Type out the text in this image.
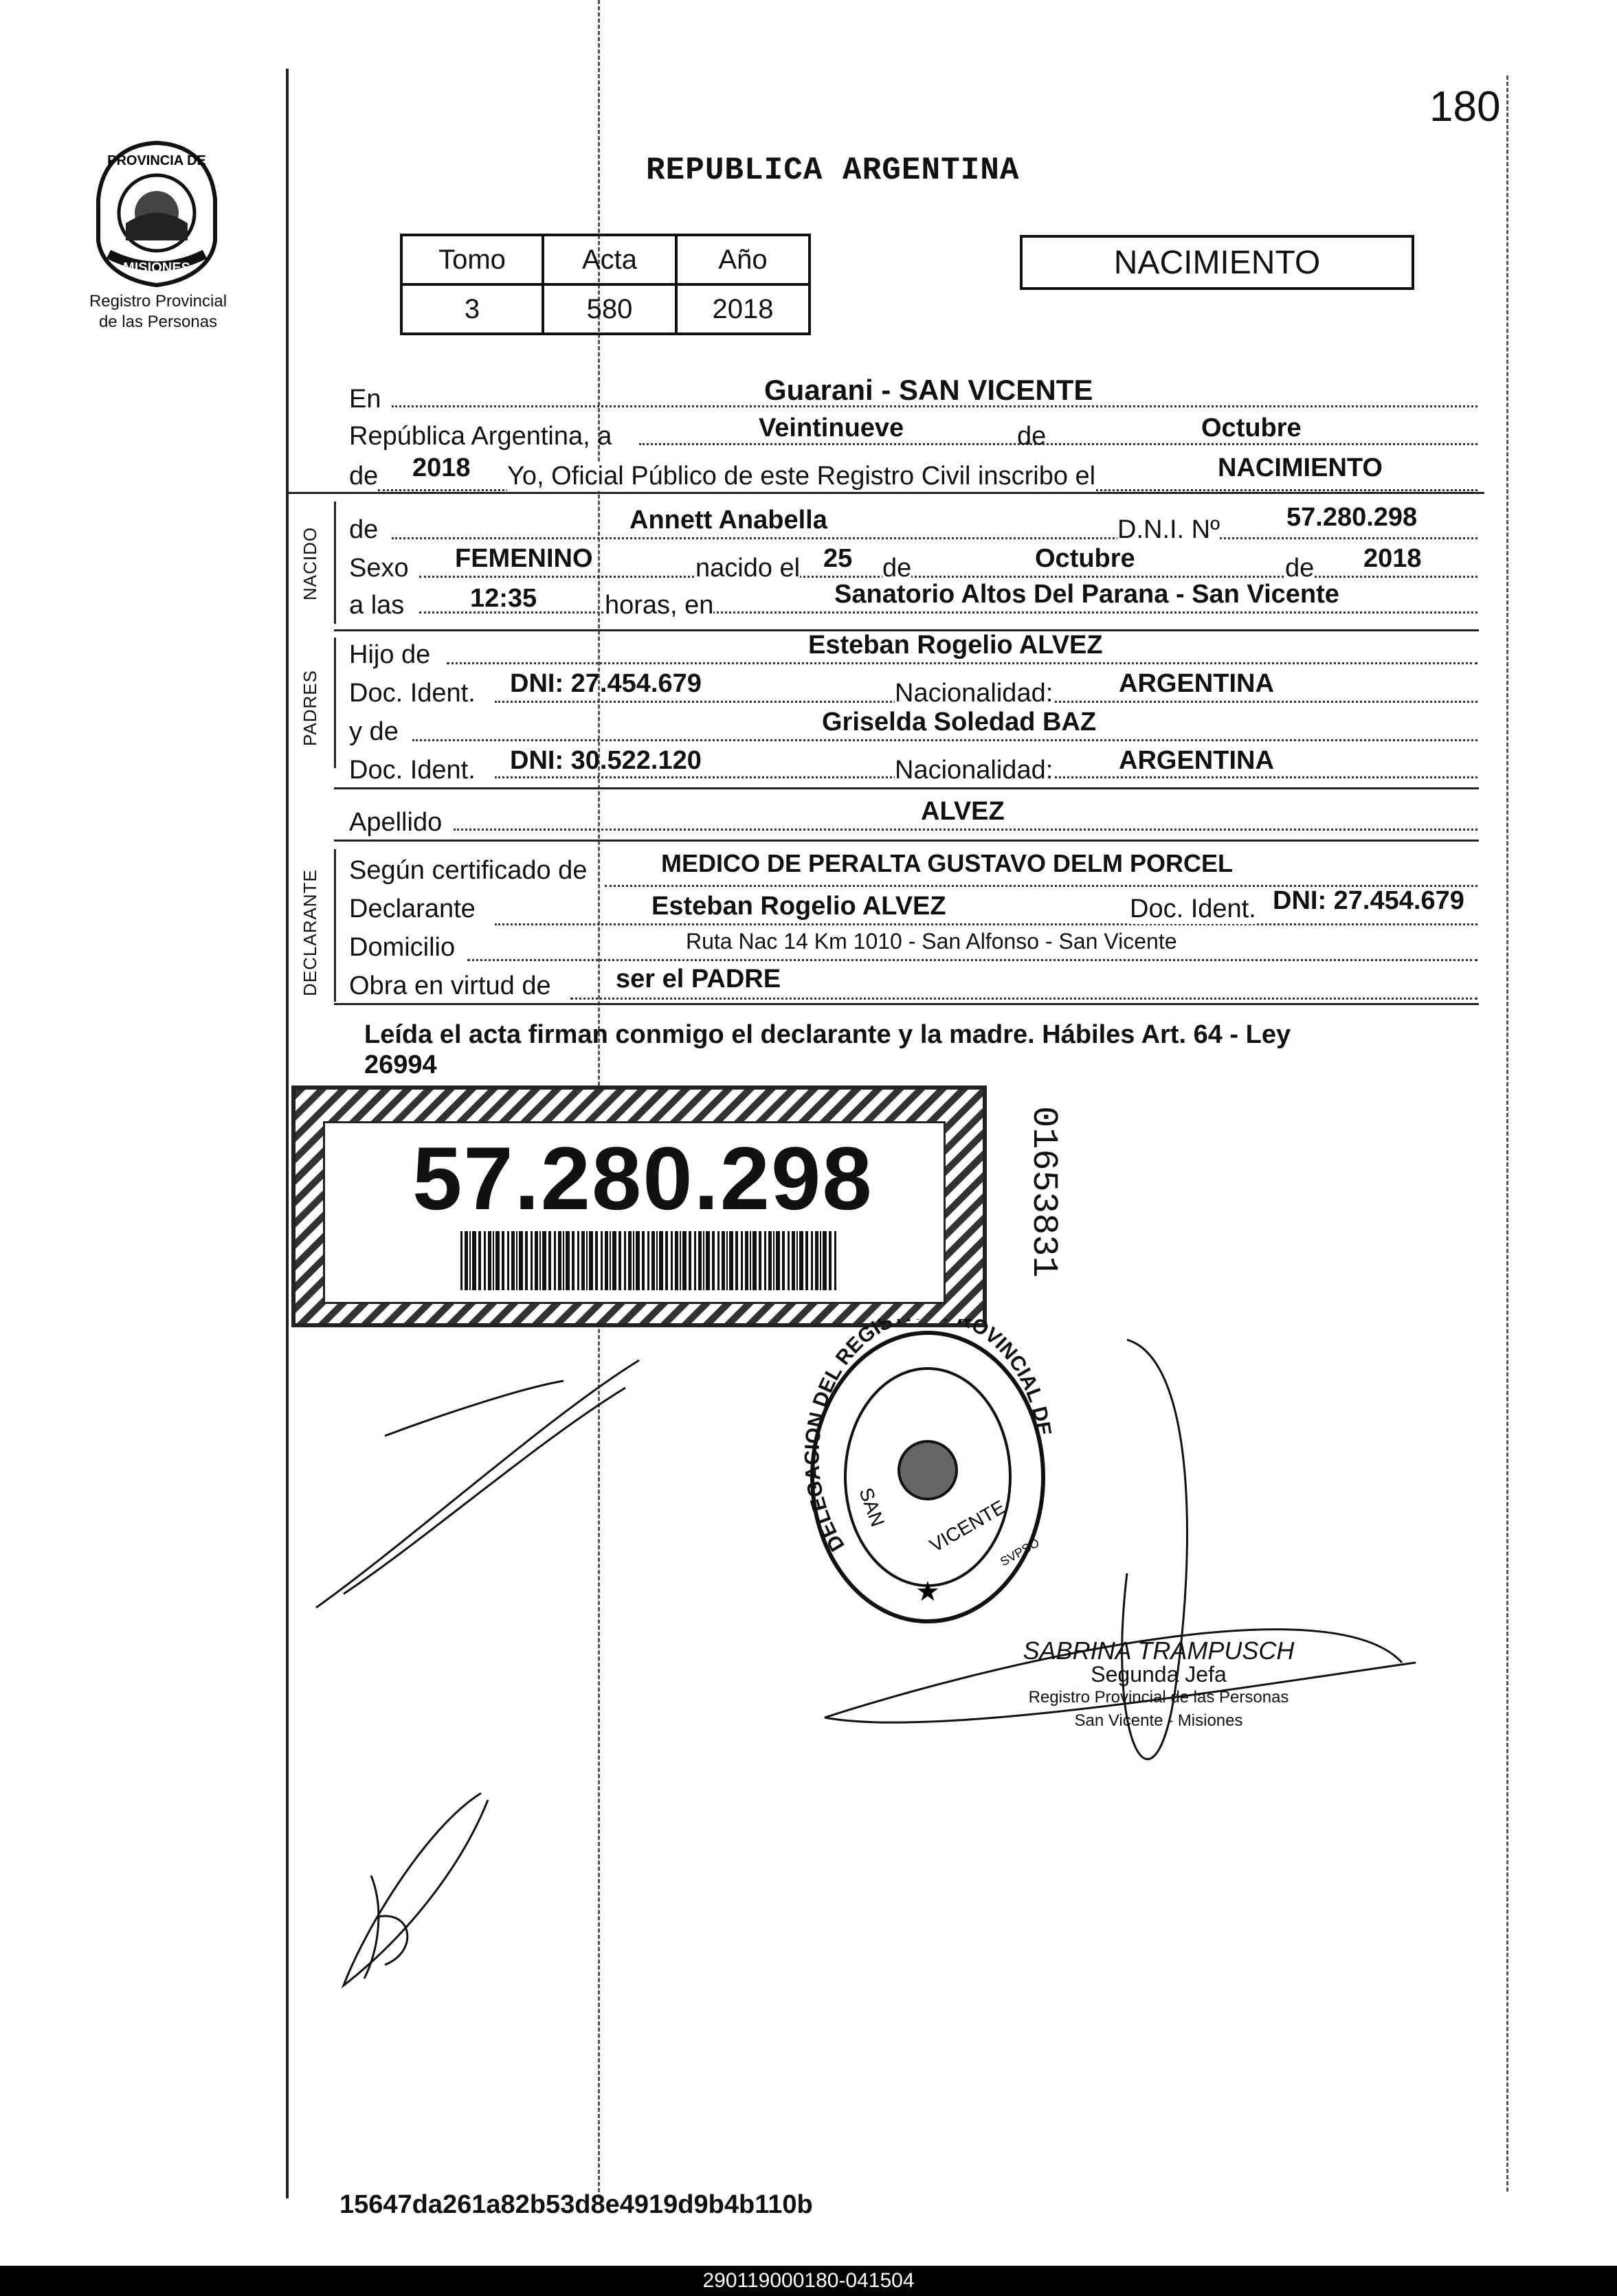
180
PROVINCIA DE
MISIONES
Registro Provincial
de las Personas
REPUBLICA ARGENTINA
Tomo	Acta	Año
3	580	2018
NACIMIENTO
En	Guarani - SAN VICENTE
República Argentina, a	Veintinueve	de	Octubre
de 2018 Yo, Oficial Público de este Registro Civil inscribo el	NACIMIENTO
NACIDO
PADRES
DECLARANTE
de	Annett Anabella	D.N.I. Nº	57.280.298
Sexo FEMENINO	nacido el 25 de	Octubre	de 2018
a las	12:35	horas, en	Sanatorio Altos Del Parana - San Vicente
Hijo de	Esteban Rogelio ALVEZ
Doc. Ident. DNI: 27.454.679	Nacionalidad:	ARGENTINA
y de	Griselda Soledad BAZ
Doc. Ident. DNI: 30.522.120	Nacionalidad:	ARGENTINA
Apellido	ALVEZ
Según certificado de	MEDICO DE PERALTA GUSTAVO DELM PORCEL
Declarante	Esteban Rogelio ALVEZ	Doc. Ident. DNI: 27.454.679
Domicilio	Ruta Nac 14 Km 1010 - San Alfonso - San Vicente
Obra en virtud de ser el PADRE
Leída el acta firman conmigo el declarante y la madre. Hábiles Art. 64 - Ley
26994
57.280.298	01653831
DELEGACION DEL REGIS ROVINCIAL DE
SAN VICENTE
SVPSO
★
SABRINA TRAMPUSCH
Segunda Jefa
Registro Provincial de las Personas
San Vicente - Misiones
15647da261a82b53d8e4919d9b4b110b
290119000180-041504
